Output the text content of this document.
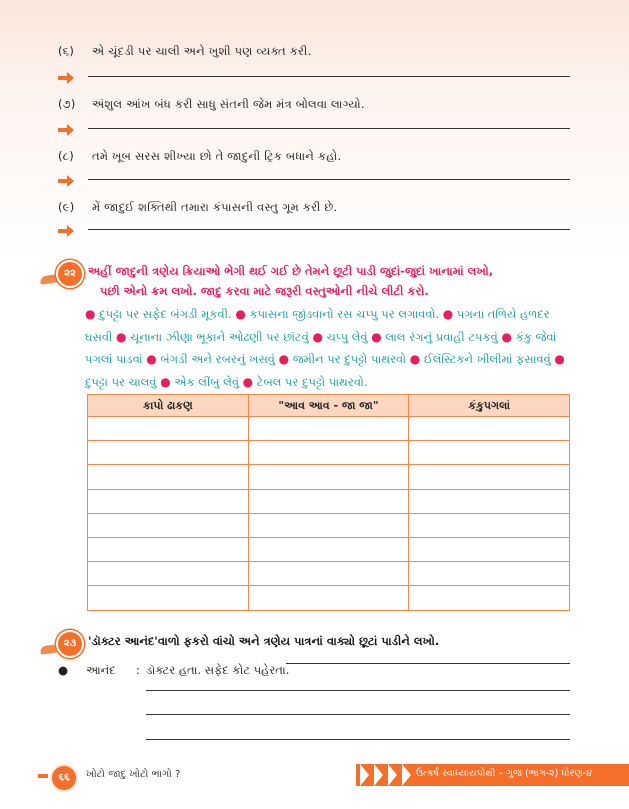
(૬) એ ચૂંદડી પર ચાલી અને ખુશી પણ વ્યક્ત કરી.
(૭) અંશુલ આંખ બંધ કરી સાધુ સંતની જેમ મંત્ર બોલવા લાગ્યો.
(૮) તમે ખૂબ સરસ શીખ્યા છો તે જાદુની ટ્રિક બધાને કહો.
(૯) મેં જાદુઈ શક્તિથી તમારા કંપાસની વસ્તુ ગૂમ કરી છે.
૨૨	અહીં જાદુની ત્રણેય ક્રિયાઓ ભેગી થઈ ગઈ છે તેમને છૂટી પાડી જુદાં-જુદાં ખાનામાં લખો,
પછી એનો ક્રમ લખો. જાદુ કરવા માટે જરૂરી વસ્તુઓની નીચે લીટી કરો.
● દુપટ્ટા પર સફેદ બંગડી મૂકવી. ● કપાસના જીંડવાનો રસ ચપ્પુ પર લગાવવો. ● પગના તળિયે હળદર ઘસવી ● ચૂનાના ઝીણા ભૂકાને ઓઢણી પર છાંટવું ● ચપ્પુ લેવું ● લાલ રંગનું પ્રવાહી ટપકવું ● કંકુ જેવાં પગલાં પાડવાં ● બંગડી અને રબરનું ખસવું ● જમીન પર દુપટ્ટો પાથરવો ● ઈલૅસ્ટિકને ખીલીમાં ફસાવવું ● દુપટ્ટા પર ચાલવું ● એક લીંબુ લેવું ● ટેબલ પર દુપટ્ટો પાથરવો.
કાપો ઢાકણ	"આવ આવ - જા જા"	કંકુપગલાં

૨૩	'ડૉક્ટર આનંદ'વાળો ફકરો વાંચો અને ત્રણેય પાત્રનાં વાક્યો છૂટાં પાડીને લખો.
● આનંદ	: ડૉક્ટર હતા. સફેદ કોટ પહેરતા.
૬૬	ખોટો જાદુ ખોટો ભાગો ?	ઉત્કર્ષ સ્વાધ્યાયપોથી – ગુજ (ભાગ-૨) ધોરણ-૪
